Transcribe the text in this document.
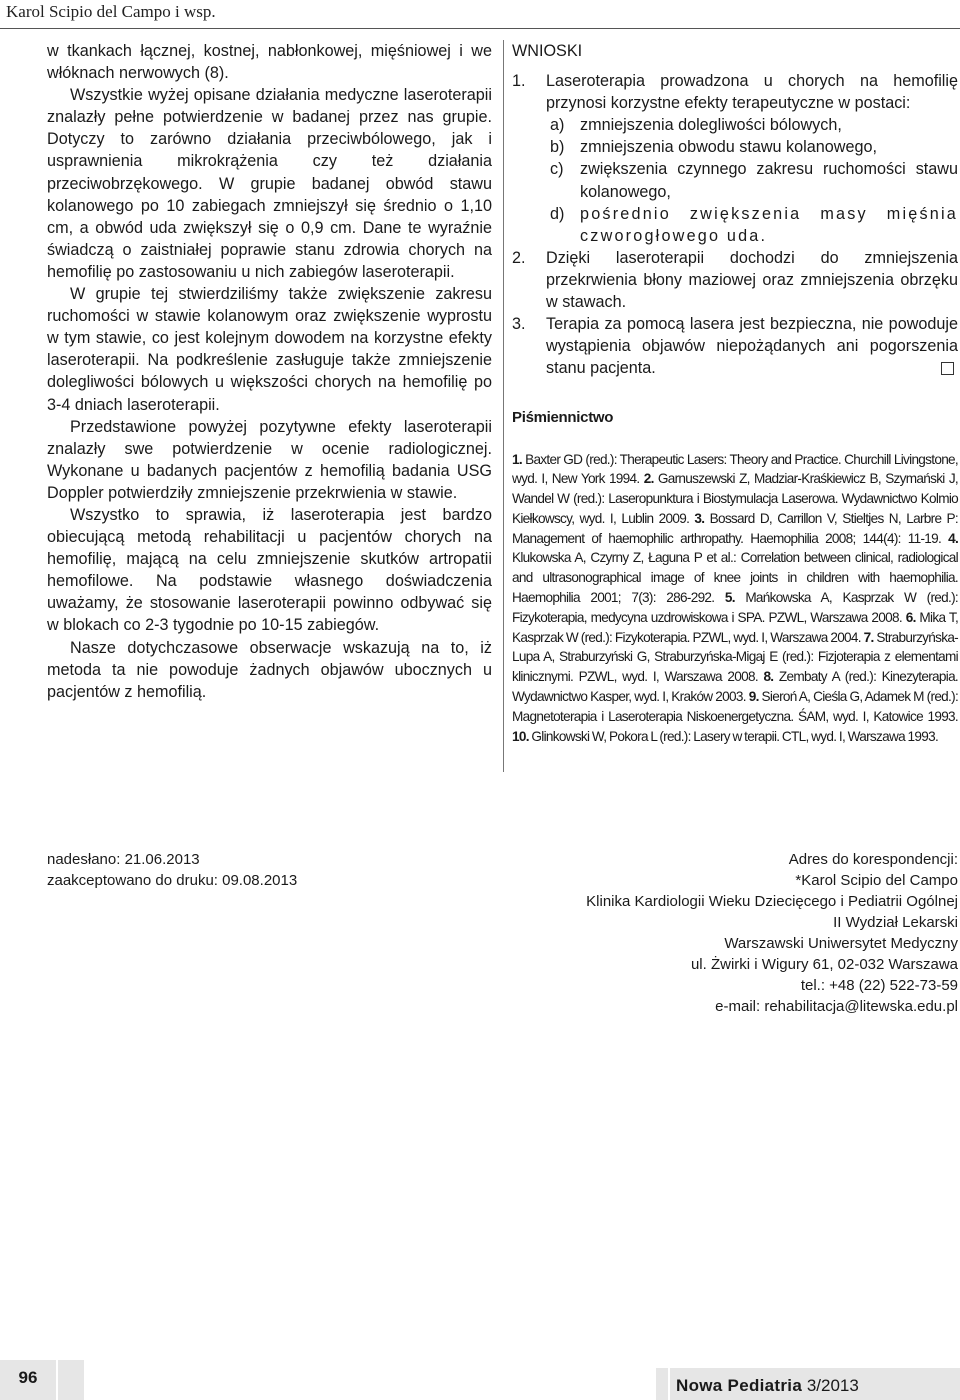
Karol Scipio del Campo i wsp.

w tkankach łącznej, kostnej, nabłonkowej, mięśniowej i we włóknach nerwowych (8).

Wszystkie wyżej opisane działania medyczne laseroterapii znalazły pełne potwierdzenie w badanej przez nas grupie. Dotyczy to zarówno działania przeciwbólowego, jak i usprawnienia mikrokrążenia czy też działania przeciwobrzękowego. W grupie badanej obwód stawu kolanowego po 10 zabiegach zmniejszył się średnio o 1,10 cm, a obwód uda zwiększył się o 0,9 cm. Dane te wyraźnie świadczą o zaistniałej poprawie stanu zdrowia chorych na hemofilię po zastosowaniu u nich zabiegów laseroterapii.

W grupie tej stwierdziliśmy także zwiększenie zakresu ruchomości w stawie kolanowym oraz zwiększenie wyprostu w tym stawie, co jest kolejnym dowodem na korzystne efekty laseroterapii. Na podkreślenie zasługuje także zmniejszenie dolegliwości bólowych u większości chorych na hemofilię po 3-4 dniach laseroterapii.

Przedstawione powyżej pozytywne efekty laseroterapii znalazły swe potwierdzenie w ocenie radiologicznej. Wykonane u badanych pacjentów z hemofilią badania USG Doppler potwierdziły zmniejszenie przekrwienia w stawie.

Wszystko to sprawia, iż laseroterapia jest bardzo obiecującą metodą rehabilitacji u pacjentów chorych na hemofilię, mającą na celu zmniejszenie skutków artropatii hemofilowe. Na podstawie własnego doświadczenia uważamy, że stosowanie laseroterapii powinno odbywać się w blokach co 2-3 tygodnie po 10-15 zabiegów.

Nasze dotychczasowe obserwacje wskazują na to, iż metoda ta nie powoduje żadnych objawów ubocznych u pacjentów z hemofilią.

WNIOSKI
1.	Laseroterapia prowadzona u chorych na hemofilię przynosi korzystne efekty terapeutyczne w postaci:
a) zmniejszenia dolegliwości bólowych,
b) zmniejszenia obwodu stawu kolanowego,
c)	zwiększenia czynnego zakresu ruchomości stawu kolanowego,
d) pośrednio zwiększenia masy mięśnia czworogłowego uda.
2.	Dzięki laseroterapii dochodzi do zmniejszenia przekrwienia błony maziowej oraz zmniejszenia obrzęku w stawach.
3.	Terapia za pomocą lasera jest bezpieczna, nie powoduje wystąpienia objawów niepożądanych ani pogorszenia stanu pacjenta.
Piśmiennictwo
1. Baxter GD (red.): Therapeutic Lasers: Theory and Practice. Churchill Livingstone, wyd. I, New York 1994. 2. Garnuszewski Z, Madziar-Kraśkiewicz B, Szymański J, Wandel W (red.): Laseropunktura i Biostymulacja Laserowa. Wydawnictwo Kolmio Kiełkowscy, wyd. I, Lublin 2009. 3. Bossard D, Carrillon V, Stieltjes N, Larbre P: Management of haemophilic arthropathy. Haemophilia 2008; 144(4): 11-19. 4. Klukowska A, Czyrny Z, Łaguna P et al.: Correlation between clinical, radiological and ultrasonographical image of knee joints in children with haemophilia. Haemophilia 2001; 7(3): 286-292. 5. Mańkowska A, Kasprzak W (red.): Fizykoterapia, medycyna uzdrowiskowa i SPA. PZWL, Warszawa 2008. 6. Mika T, Kasprzak W (red.): Fizykoterapia. PZWL, wyd. I, Warszawa 2004. 7. Straburzyńska-Lupa A, Straburzyński G, Straburzyńska-Migaj E (red.): Fizjoterapia z elementami klinicznymi. PZWL, wyd. I, Warszawa 2008. 8. Zembaty A (red.): Kinezyterapia. Wydawnictwo Kasper, wyd. I, Kraków 2003. 9. Sieroń A, Cieśla G, Adamek M (red.): Magnetoterapia i Laseroterapia Niskoenergetyczna. ŚAM, wyd. I, Katowice 1993. 10. Glinkowski W, Pokora L (red.): Lasery w terapii. CTL, wyd. I, Warszawa 1993.
nadesłano: 21.06.2013
zaakceptowano do druku: 09.08.2013
Adres do korespondencji:
*Karol Scipio del Campo
Klinika Kardiologii Wieku Dziecięcego i Pediatrii Ogólnej
II Wydział Lekarski
Warszawski Uniwersytet Medyczny
ul. Żwirki i Wigury 61, 02-032 Warszawa
tel.: +48 (22) 522-73-59
e-mail: rehabilitacja@litewska.edu.pl
96	Nowa Pediatria 3/2013
